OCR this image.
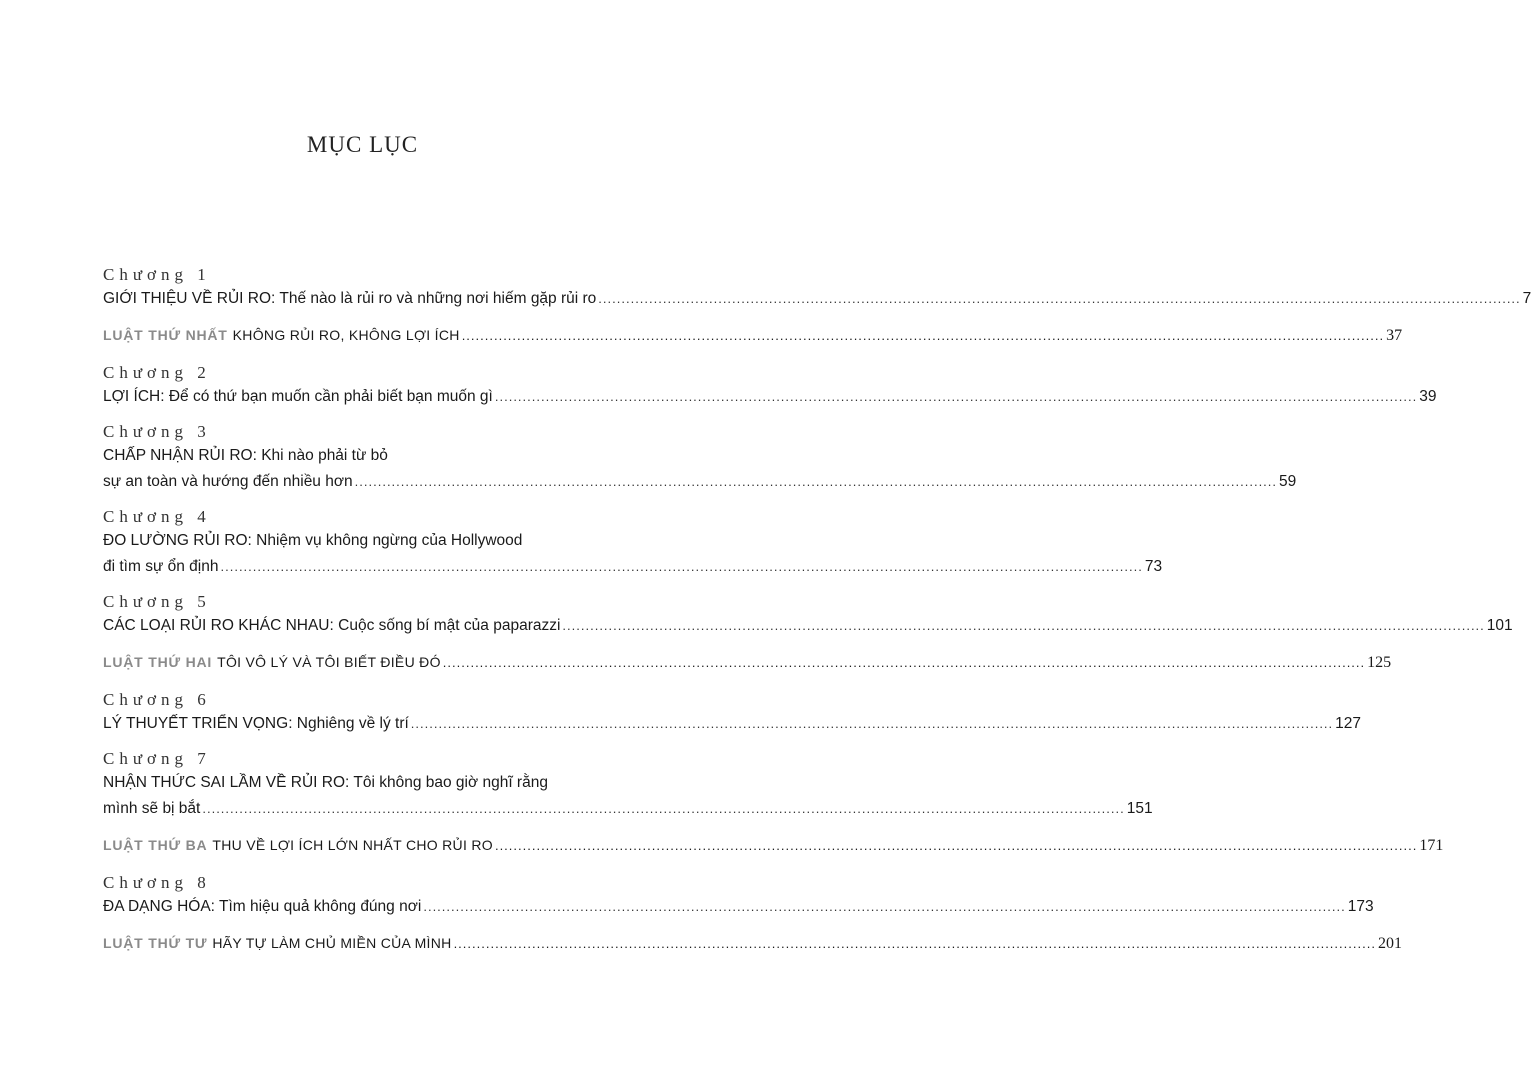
MỤC LỤC
Chương 1
GIỚI THIỆU VỀ RỦI RO: Thế nào là rủi ro và những nơi hiếm gặp rủi ro ........................................................................................................................................................................................................ 7
LUẬT THỨ NHẤT KHÔNG RỦI RO, KHÔNG LỢI ÍCH ........................................................................................................................................................................................................ 37
Chương 2
LỢI ÍCH: Để có thứ bạn muốn cần phải biết bạn muốn gì ........................................................................................................................................................................................................ 39
Chương 3
CHẤP NHẬN RỦI RO: Khi nào phải từ bỏ
sự an toàn và hướng đến nhiều hơn ........................................................................................................................................................................................................ 59
Chương 4
ĐO LƯỜNG RỦI RO: Nhiệm vụ không ngừng của Hollywood
đi tìm sự ổn định ........................................................................................................................................................................................................ 73
Chương 5
CÁC LOẠI RỦI RO KHÁC NHAU: Cuộc sống bí mật của paparazzi ........................................................................................................................................................................................................ 101
LUẬT THỨ HAI TÔI VÔ LÝ VÀ TÔI BIẾT ĐIỀU ĐÓ ........................................................................................................................................................................................................ 125
Chương 6
LÝ THUYẾT TRIỂN VỌNG: Nghiêng về lý trí ........................................................................................................................................................................................................ 127
Chương 7
NHẬN THỨC SAI LẦM VỀ RỦI RO: Tôi không bao giờ nghĩ rằng
mình sẽ bị bắt ........................................................................................................................................................................................................ 151
LUẬT THỨ BA THU VỀ LỢI ÍCH LỚN NHẤT CHO RỦI RO ........................................................................................................................................................................................................ 171
Chương 8
ĐA DẠNG HÓA: Tìm hiệu quả không đúng nơi ........................................................................................................................................................................................................ 173
LUẬT THỨ TƯ HÃY TỰ LÀM CHỦ MIỀN CỦA MÌNH ........................................................................................................................................................................................................ 201
